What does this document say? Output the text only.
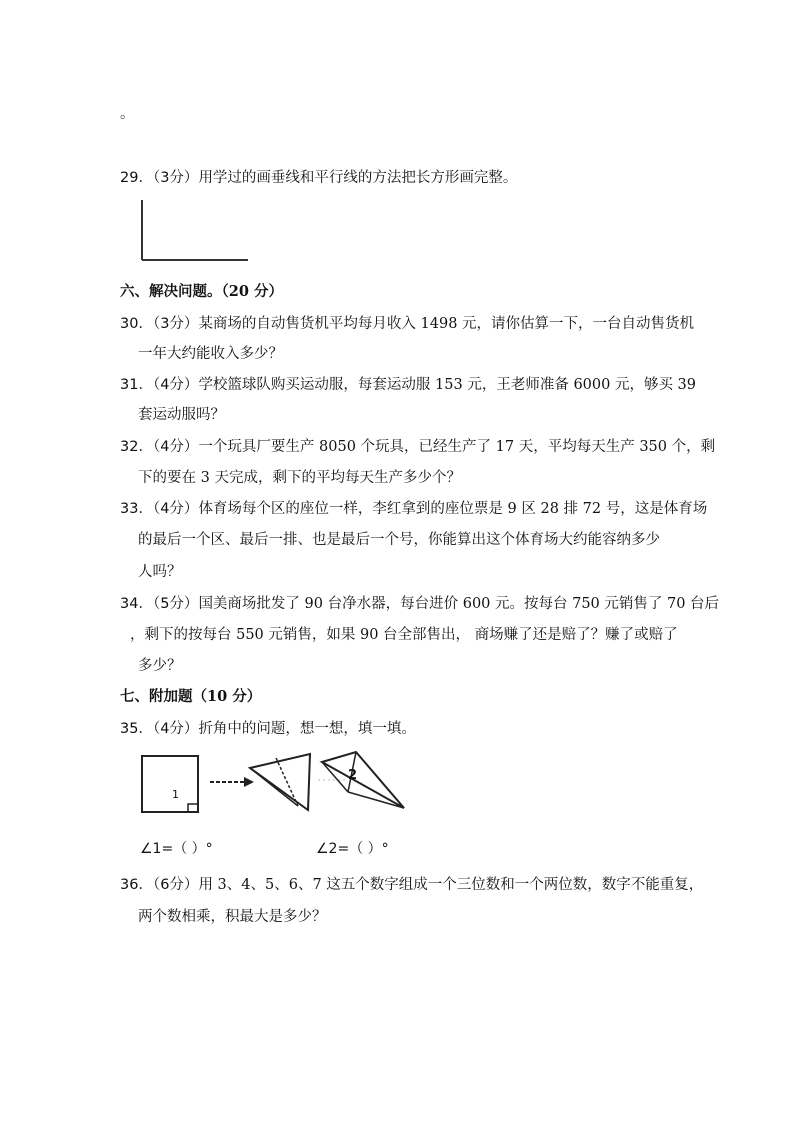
。
29．（3分）用学过的画垂线和平行线的方法把长方形画完整。
六、解决问题。（20 分）
30．（3分）某商场的自动售货机平均每月收入 1498 元，请你估算一下，一台自动售货机
一年大约能收入多少？
31．（4分）学校篮球队购买运动服，每套运动服 153 元，王老师准备 6000 元，够买 39
套运动服吗？
32．（4分）一个玩具厂要生产 8050 个玩具，已经生产了 17 天，平均每天生产 350 个，剩
下的要在 3 天完成，剩下的平均每天生产多少个？
33．（4分）体育场每个区的座位一样，李红拿到的座位票是 9 区 28 排 72 号，这是体育场
的最后一个区、最后一排、也是最后一个号，你能算出这个体育场大约能容纳多少
人吗？
34．（5分）国美商场批发了 90 台净水器，每台进价 600 元。按每台 750 元销售了 70 台后
，剩下的按每台 550 元销售，如果 90 台全部售出， 商场赚了还是赔了？赚了或赔了
多少？
七、附加题（10 分）
35．（4分）折角中的问题，想一想，填一填。
1
2
∠1=（ ）°	∠2=（ ）°
36．（6分）用 3、4、5、6、7 这五个数字组成一个三位数和一个两位数，数字不能重复，
两个数相乘，积最大是多少？
